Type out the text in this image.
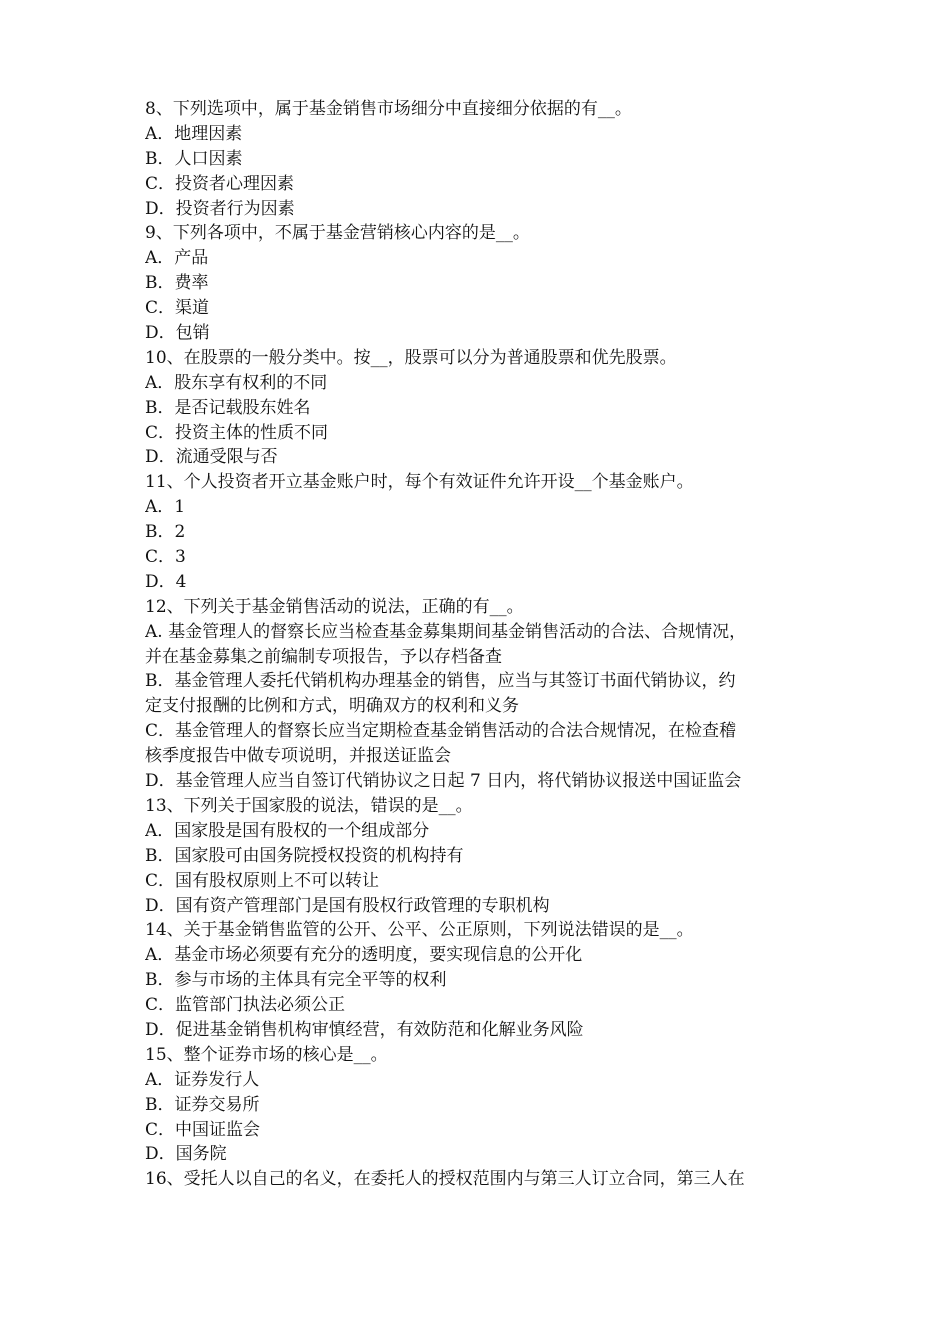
8、下列选项中，属于基金销售市场细分中直接细分依据的有__。

A．地理因素

B．人口因素

C．投资者心理因素

D．投资者行为因素

9、下列各项中，不属于基金营销核心内容的是__。

A．产品

B．费率

C．渠道

D．包销

10、在股票的一般分类中。按__，股票可以分为普通股票和优先股票。

A．股东享有权利的不同

B．是否记载股东姓名

C．投资主体的性质不同

D．流通受限与否

11、个人投资者开立基金账户时，每个有效证件允许开设__个基金账户。

A．1

B．2

C．3

D．4

12、下列关于基金销售活动的说法，正确的有__。

A. 基金管理人的督察长应当检查基金募集期间基金销售活动的合法、合规情况，

并在基金募集之前编制专项报告，予以存档备查

B．基金管理人委托代销机构办理基金的销售，应当与其签订书面代销协议，约

定支付报酬的比例和方式，明确双方的权利和义务

C．基金管理人的督察长应当定期检查基金销售活动的合法合规情况，在检查稽

核季度报告中做专项说明，并报送证监会

D．基金管理人应当自签订代销协议之日起 7 日内，将代销协议报送中国证监会

13、下列关于国家股的说法，错误的是__。

A．国家股是国有股权的一个组成部分

B．国家股可由国务院授权投资的机构持有

C．国有股权原则上不可以转让

D．国有资产管理部门是国有股权行政管理的专职机构

14、关于基金销售监管的公开、公平、公正原则，下列说法错误的是__。

A．基金市场必须要有充分的透明度，要实现信息的公开化

B．参与市场的主体具有完全平等的权利

C．监管部门执法必须公正

D．促进基金销售机构审慎经营，有效防范和化解业务风险

15、整个证券市场的核心是__。

A．证券发行人

B．证券交易所

C．中国证监会

D．国务院

16、受托人以自己的名义，在委托人的授权范围内与第三人订立合同，第三人在
